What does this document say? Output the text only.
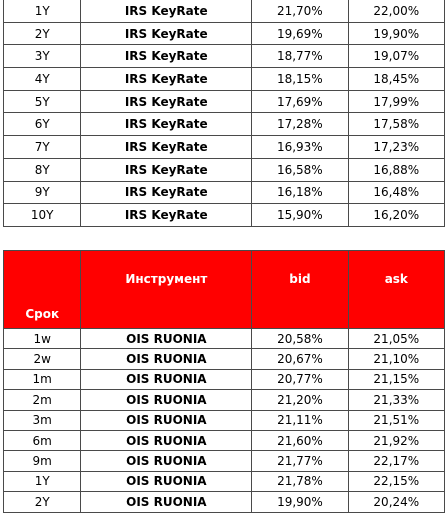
1Y	IRS KeyRate	21,70%	22,00%
2Y	IRS KeyRate	19,69%	19,90%
3Y	IRS KeyRate	18,77%	19,07%
4Y	IRS KeyRate	18,15%	18,45%
5Y	IRS KeyRate	17,69%	17,99%
6Y	IRS KeyRate	17,28%	17,58%
7Y	IRS KeyRate	16,93%	17,23%
8Y	IRS KeyRate	16,58%	16,88%
9Y	IRS KeyRate	16,18%	16,48%
10Y	IRS KeyRate	15,90%	16,20%
Срок	Инструмент	bid	ask
1w	OIS RUONIA	20,58%	21,05%
2w	OIS RUONIA	20,67%	21,10%
1m	OIS RUONIA	20,77%	21,15%
2m	OIS RUONIA	21,20%	21,33%
3m	OIS RUONIA	21,11%	21,51%
6m	OIS RUONIA	21,60%	21,92%
9m	OIS RUONIA	21,77%	22,17%
1Y	OIS RUONIA	21,78%	22,15%
2Y	OIS RUONIA	19,90%	20,24%
